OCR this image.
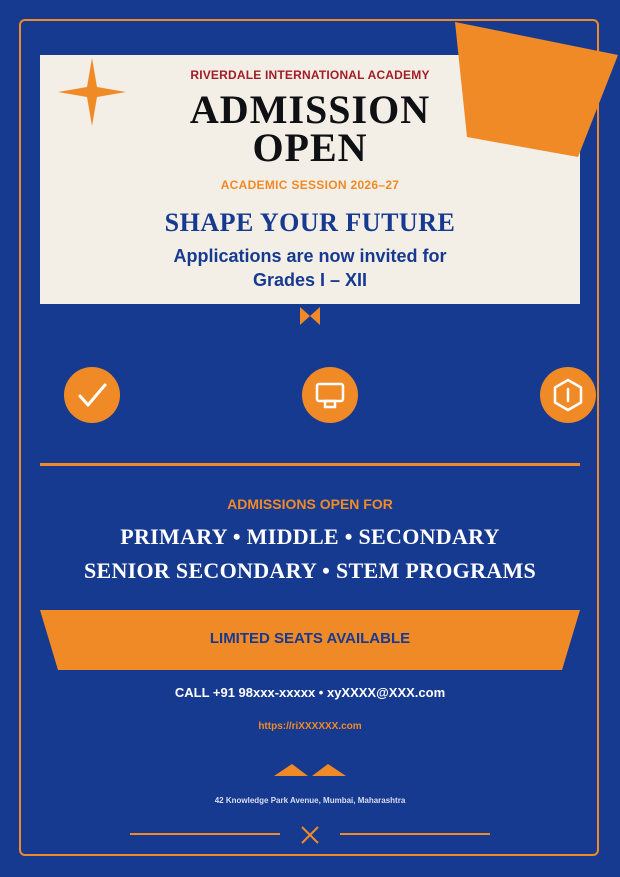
RIVERDALE INTERNATIONAL ACADEMY
ADMISSION
OPEN
ACADEMIC SESSION 2026–27
SHAPE YOUR FUTURE
Applications are now invited for
Grades I – XII
ADMISSIONS OPEN FOR
PRIMARY • MIDDLE • SECONDARY
SENIOR SECONDARY • STEM PROGRAMS
LIMITED SEATS AVAILABLE
CALL +91 98xxx-xxxxx • xyXXXX@XXX.com
https://riXXXXXX.com
42 Knowledge Park Avenue, Mumbai, Maharashtra
